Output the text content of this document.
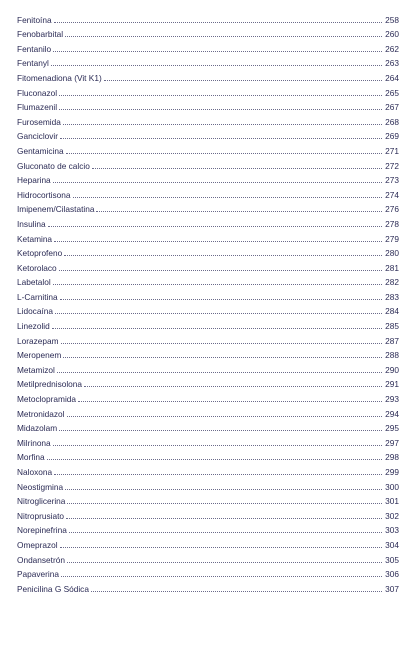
Fenitoína	258
Fenobarbital	260
Fentanilo	262
Fentanyl	263
Fitomenadiona (Vit K1)	264
Fluconazol	265
Flumazenil	267
Furosemida	268
Ganciclovir	269
Gentamicina	271
Gluconato de calcio	272
Heparina	273
Hidrocortisona	274
Imipenem/Cilastatina	276
Insulina	278
Ketamina	279
Ketoprofeno	280
Ketorolaco	281
Labetalol	282
L-Carnitina	283
Lidocaína	284
Linezolid	285
Lorazepam	287
Meropenem	288
Metamizol	290
Metilprednisolona	291
Metoclopramida	293
Metronidazol	294
Midazolam	295
Milrinona	297
Morfina	298
Naloxona	299
Neostigmina	300
Nitroglicerina	301
Nitroprusiato	302
Norepinefrina	303
Omeprazol	304
Ondansetrón	305
Papaverina	306
Penicilina G Sódica	307
